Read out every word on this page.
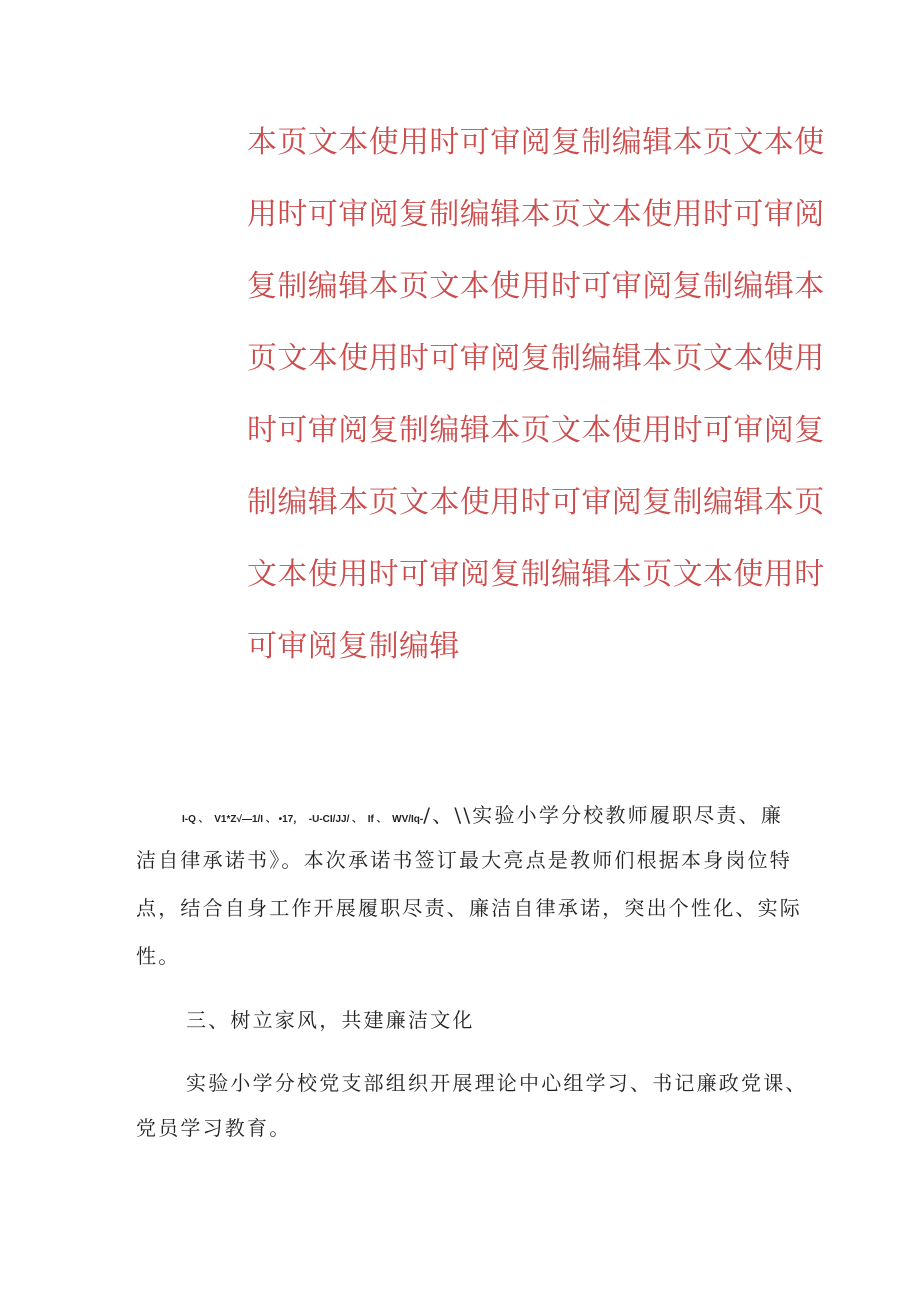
本页文本使用时可审阅复制编辑本页文本使
用时可审阅复制编辑本页文本使用时可审阅
复制编辑本页文本使用时可审阅复制编辑本
页文本使用时可审阅复制编辑本页文本使用
时可审阅复制编辑本页文本使用时可审阅复
制编辑本页文本使用时可审阅复制编辑本页
文本使用时可审阅复制编辑本页文本使用时
可审阅复制编辑
I-Q 、  V1*Z√—1/I 、 •17，  -U-CI/JJ/ 、  If 、  WV/Iq-/、\\实验小学分校教师履职尽责、廉
洁自律承诺书》。本次承诺书签订最大亮点是教师们根据本身岗位特
点，结合自身工作开展履职尽责、廉洁自律承诺，突出个性化、实际
性。
三、树立家风，共建廉洁文化
实验小学分校党支部组织开展理论中心组学习、书记廉政党课、
党员学习教育。
